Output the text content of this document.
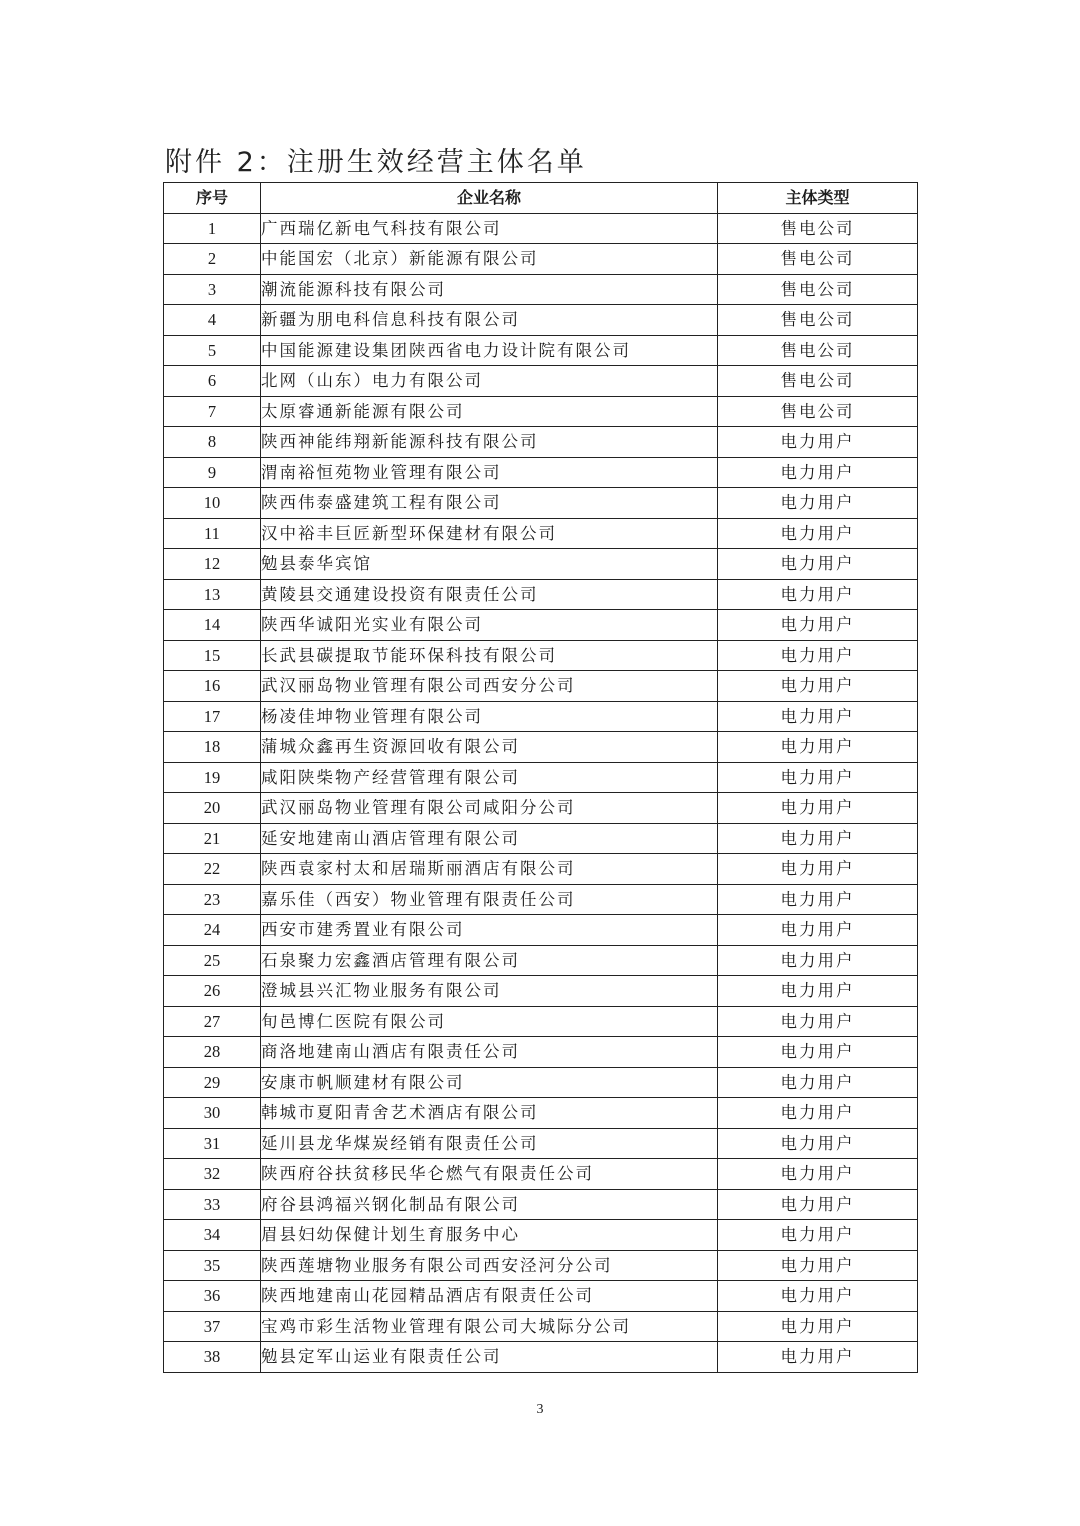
附件 2：注册生效经营主体名单
序号	企业名称	主体类型
1	广西瑞亿新电气科技有限公司	售电公司
2	中能国宏（北京）新能源有限公司	售电公司
3	潮流能源科技有限公司	售电公司
4	新疆为朋电科信息科技有限公司	售电公司
5	中国能源建设集团陕西省电力设计院有限公司	售电公司
6	北网（山东）电力有限公司	售电公司
7	太原睿通新能源有限公司	售电公司
8	陕西神能纬翔新能源科技有限公司	电力用户
9	渭南裕恒苑物业管理有限公司	电力用户
10	陕西伟泰盛建筑工程有限公司	电力用户
11	汉中裕丰巨匠新型环保建材有限公司	电力用户
12	勉县泰华宾馆	电力用户
13	黄陵县交通建设投资有限责任公司	电力用户
14	陕西华诚阳光实业有限公司	电力用户
15	长武县碳提取节能环保科技有限公司	电力用户
16	武汉丽岛物业管理有限公司西安分公司	电力用户
17	杨凌佳坤物业管理有限公司	电力用户
18	蒲城众鑫再生资源回收有限公司	电力用户
19	咸阳陕柴物产经营管理有限公司	电力用户
20	武汉丽岛物业管理有限公司咸阳分公司	电力用户
21	延安地建南山酒店管理有限公司	电力用户
22	陕西袁家村太和居瑞斯丽酒店有限公司	电力用户
23	嘉乐佳（西安）物业管理有限责任公司	电力用户
24	西安市建秀置业有限公司	电力用户
25	石泉聚力宏鑫酒店管理有限公司	电力用户
26	澄城县兴汇物业服务有限公司	电力用户
27	旬邑博仁医院有限公司	电力用户
28	商洛地建南山酒店有限责任公司	电力用户
29	安康市帆顺建材有限公司	电力用户
30	韩城市夏阳青舍艺术酒店有限公司	电力用户
31	延川县龙华煤炭经销有限责任公司	电力用户
32	陕西府谷扶贫移民华仑燃气有限责任公司	电力用户
33	府谷县鸿福兴钢化制品有限公司	电力用户
34	眉县妇幼保健计划生育服务中心	电力用户
35	陕西莲塘物业服务有限公司西安泾河分公司	电力用户
36	陕西地建南山花园精品酒店有限责任公司	电力用户
37	宝鸡市彩生活物业管理有限公司大城际分公司	电力用户
38	勉县定军山运业有限责任公司	电力用户
3
